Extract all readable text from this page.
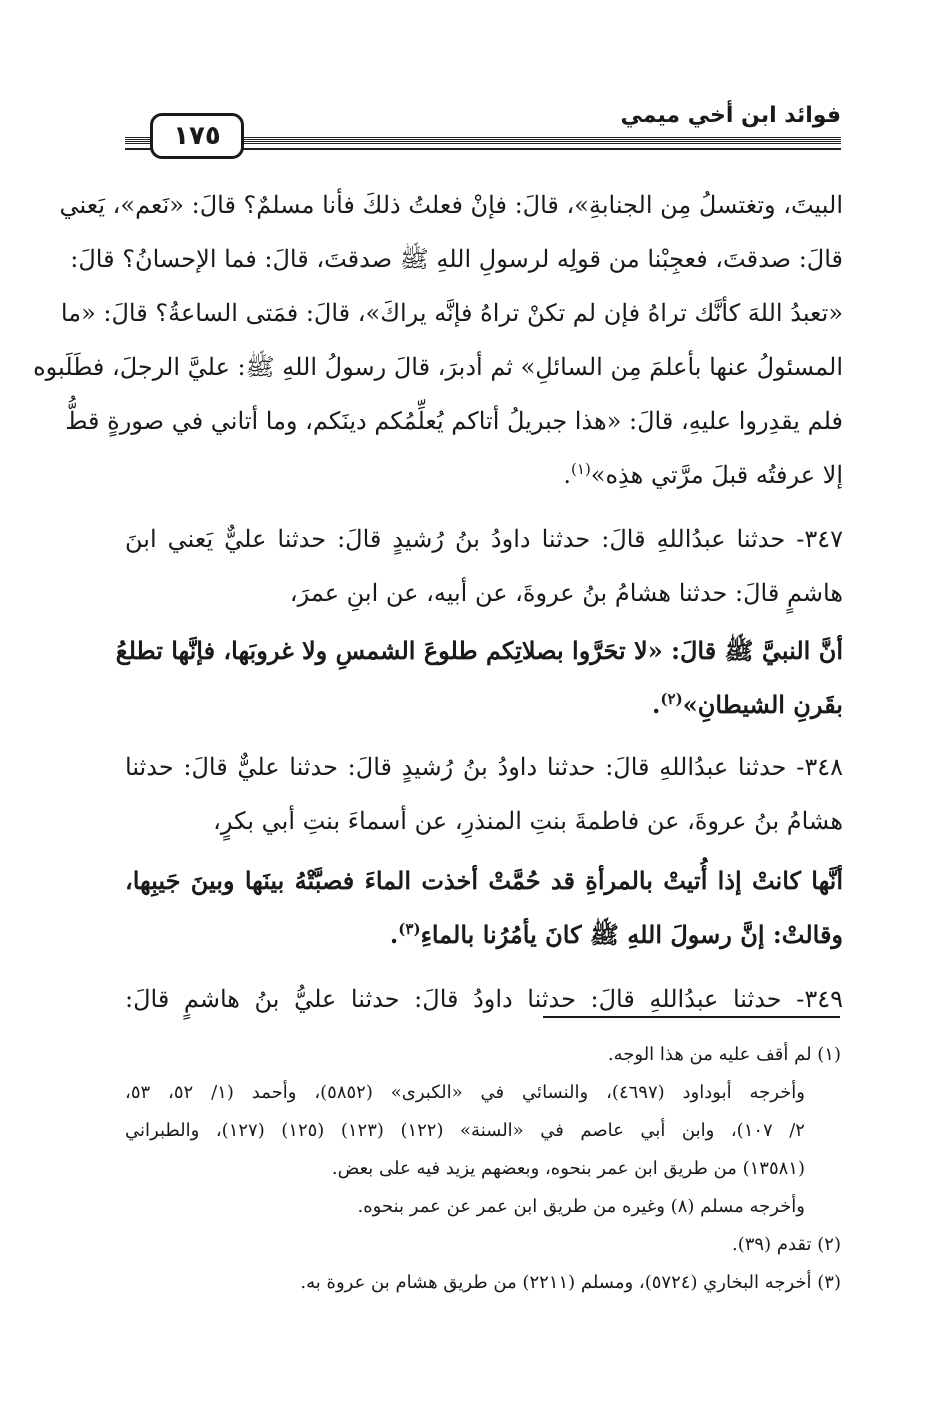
فوائد ابن أخي ميمي
١٧٥
البيتَ، وتغتسلُ مِن الجنابةِ»، قالَ: فإنْ فعلتُ ذلكَ فأنا مسلمٌ؟ قالَ: «نَعم»، يَعني
قالَ: صدقتَ، فعجِبْنا من قولِه لرسولِ اللهِ ﷺ صدقتَ، قالَ: فما الإحسانُ؟ قالَ:
«تعبدُ اللهَ كأنَّك تراهُ فإن لم تكنْ تراهُ فإنَّه يراكَ»، قالَ: فمَتى الساعةُ؟ قالَ: «ما
المسئولُ عنها بأعلمَ مِن السائلِ» ثم أدبرَ، قالَ رسولُ اللهِ ﷺ: عليَّ الرجلَ، فطَلَبوه
فلم يقدِروا عليهِ، قالَ: «هذا جبريلُ أتاكم يُعلِّمُكم دينَكم، وما أتاني في صورةٍ قطُّ
إلا عرفتُه قبلَ مرَّتي هذِه»$^{(١)}$.
٣٤٧- حدثنا عبدُاللهِ قالَ: حدثنا داودُ بنُ رُشيدٍ قالَ: حدثنا عليٌّ يَعني ابنَ
هاشمٍ قالَ: حدثنا هشامُ بنُ عروةَ، عن أبيه، عن ابنِ عمرَ،
أنَّ النبيَّ ﷺ قالَ: «لا تحَرَّوا بصلاتِكم طلوعَ الشمسِ ولا غروبَها، فإنَّها تطلعُ
بقَرنِ الشيطانِ»$^{(٢)}$.
٣٤٨- حدثنا عبدُاللهِ قالَ: حدثنا داودُ بنُ رُشيدٍ قالَ: حدثنا عليٌّ قالَ: حدثنا
هشامُ بنُ عروةَ، عن فاطمةَ بنتِ المنذرِ، عن أسماءَ بنتِ أبي بكرٍ،
أنَّها كانتْ إذا أُتيتْ بالمرأةِ قد حُمَّتْ أخذت الماءَ فصبَّتْهُ بينَها وبينَ جَيبِها،
وقالتْ: إنَّ رسولَ اللهِ ﷺ كانَ يأمُرُنا بالماءِ$^{(٣)}$.
٣٤٩- حدثنا عبدُاللهِ قالَ: حدثنا داودُ قالَ: حدثنا عليُّ بنُ هاشمٍ قالَ:
(١) لم أقف عليه من هذا الوجه.
وأخرجه أبوداود (٤٦٩٧)، والنسائي في «الكبرى» (٥٨٥٢)، وأحمد (١/ ٥٢، ٥٣،
٢/ ١٠٧)، وابن أبي عاصم في «السنة» (١٢٢) (١٢٣) (١٢٥) (١٢٧)، والطبراني
(١٣٥٨١) من طريق ابن عمر بنحوه، وبعضهم يزيد فيه على بعض.
وأخرجه مسلم (٨) وغيره من طريق ابن عمر عن عمر بنحوه.
(٢) تقدم (٣٩).
(٣) أخرجه البخاري (٥٧٢٤)، ومسلم (٢٢١١) من طريق هشام بن عروة به.
